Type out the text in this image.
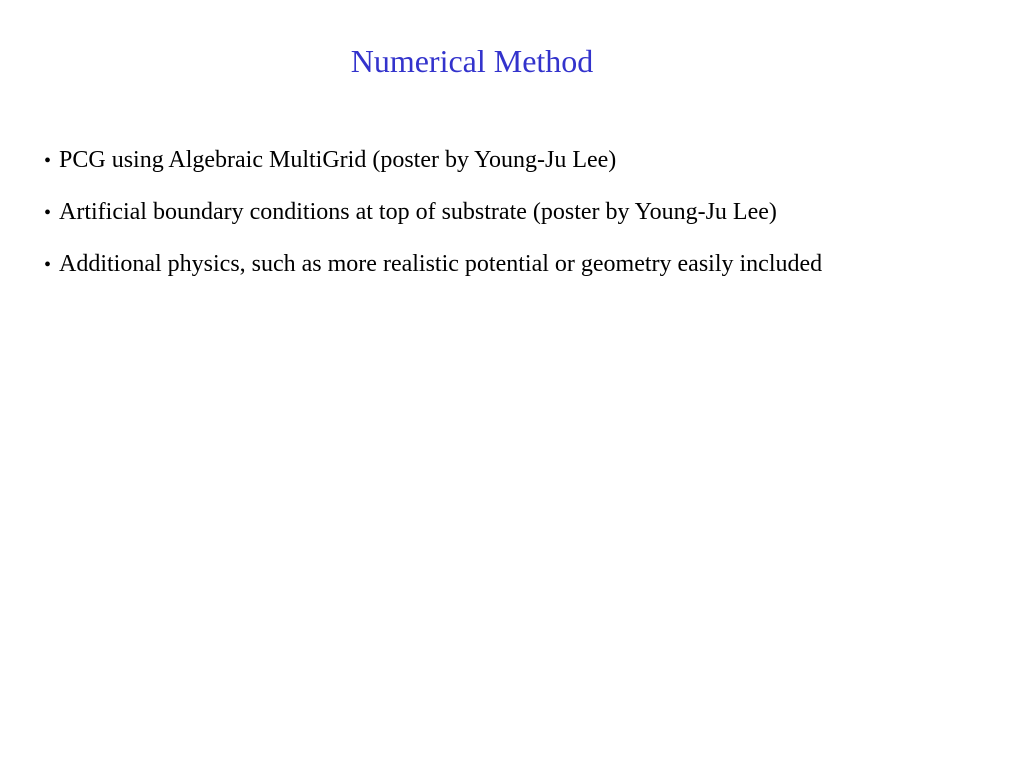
Numerical Method
• PCG using Algebraic MultiGrid (poster by Young-Ju Lee)
• Artificial boundary conditions at top of substrate (poster by Young-Ju Lee)
• Additional physics, such as more realistic potential or geometry easily included
